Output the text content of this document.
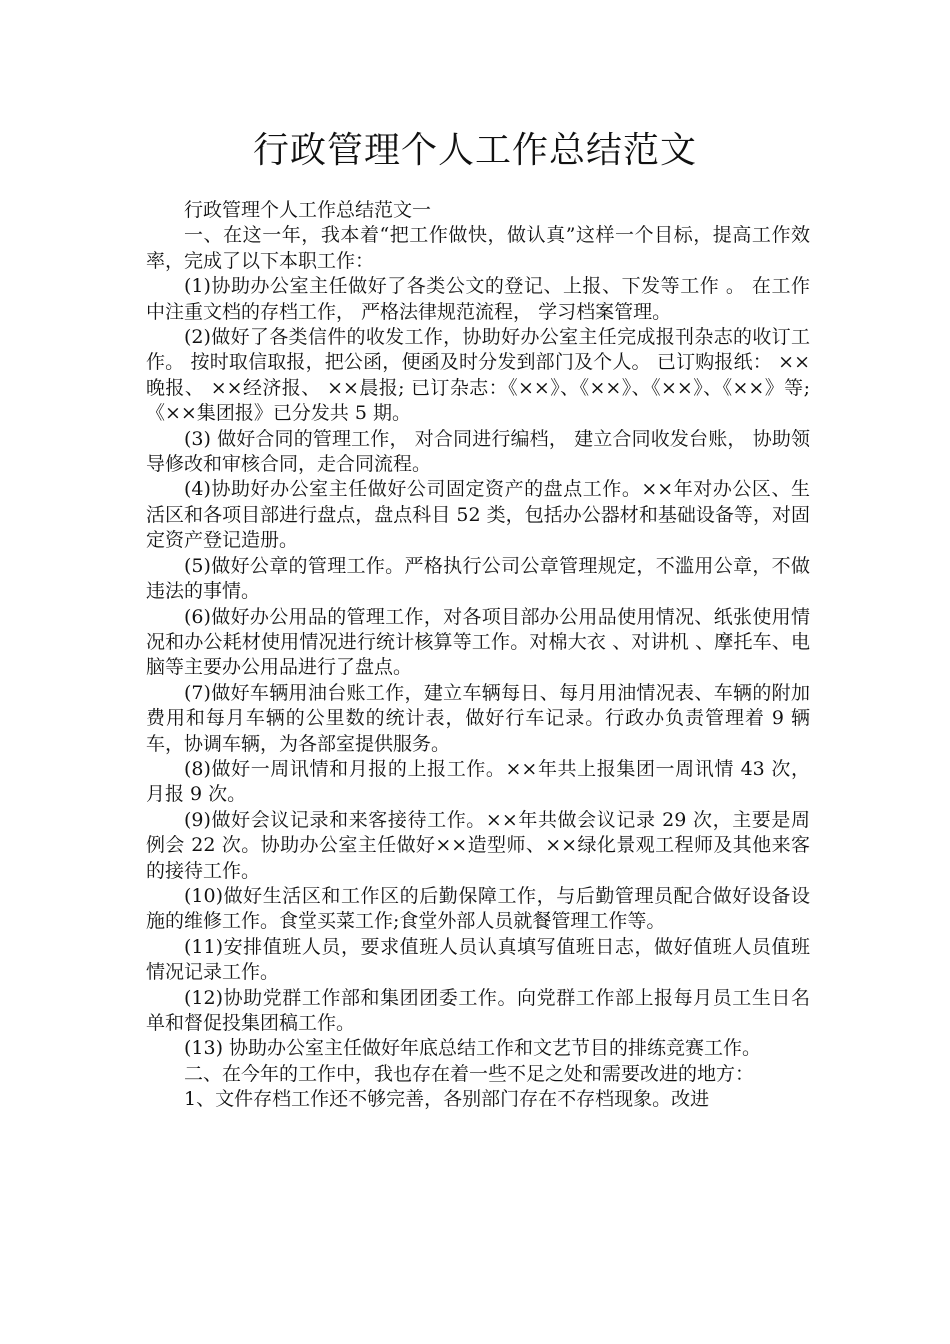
行政管理个人工作总结范文

行政管理个人工作总结范文一

一、在这一年，我本着“把工作做快，做认真”这样一个目标，提高工作效率，完成了以下本职工作：

(1)协助办公室主任做好了各类公文的登记、上报、下发等工作 。 在工作中注重文档的存档工作， 严格法律规范流程， 学习档案管理。

(2)做好了各类信件的收发工作，协助好办公室主任完成报刊杂志的收订工作。 按时取信取报，把公函，便函及时分发到部门及个人。 已订购报纸： ××晚报、 ××经济报、 ××晨报; 已订杂志：《××》、《××》、《××》、《××》等;《××集团报》已分发共 5 期。

(3) 做好合同的管理工作， 对合同进行编档， 建立合同收发台账， 协助领导修改和审核合同，走合同流程。

(4)协助好办公室主任做好公司固定资产的盘点工作。××年对办公区、生活区和各项目部进行盘点，盘点科目 52 类，包括办公器材和基础设备等，对固定资产登记造册。

(5)做好公章的管理工作。严格执行公司公章管理规定，不滥用公章，不做违法的事情。

(6)做好办公用品的管理工作，对各项目部办公用品使用情况、纸张使用情况和办公耗材使用情况进行统计核算等工作。对棉大衣 、对讲机 、摩托车、电脑等主要办公用品进行了盘点。

(7)做好车辆用油台账工作，建立车辆每日、每月用油情况表、车辆的附加费用和每月车辆的公里数的统计表，做好行车记录。行政办负责管理着 9 辆车，协调车辆，为各部室提供服务。

(8)做好一周讯情和月报的上报工作。××年共上报集团一周讯情 43 次，月报 9 次。

(9)做好会议记录和来客接待工作。××年共做会议记录 29 次，主要是周例会 22 次。协助办公室主任做好××造型师、××绿化景观工程师及其他来客的接待工作。

(10)做好生活区和工作区的后勤保障工作，与后勤管理员配合做好设备设施的维修工作。食堂买菜工作;食堂外部人员就餐管理工作等。

(11)安排值班人员，要求值班人员认真填写值班日志，做好值班人员值班情况记录工作。

(12)协助党群工作部和集团团委工作。向党群工作部上报每月员工生日名单和督促投集团稿工作。

(13) 协助办公室主任做好年底总结工作和文艺节目的排练竞赛工作。

二、在今年的工作中，我也存在着一些不足之处和需要改进的地方：

1、文件存档工作还不够完善，各别部门存在不存档现象。改进
